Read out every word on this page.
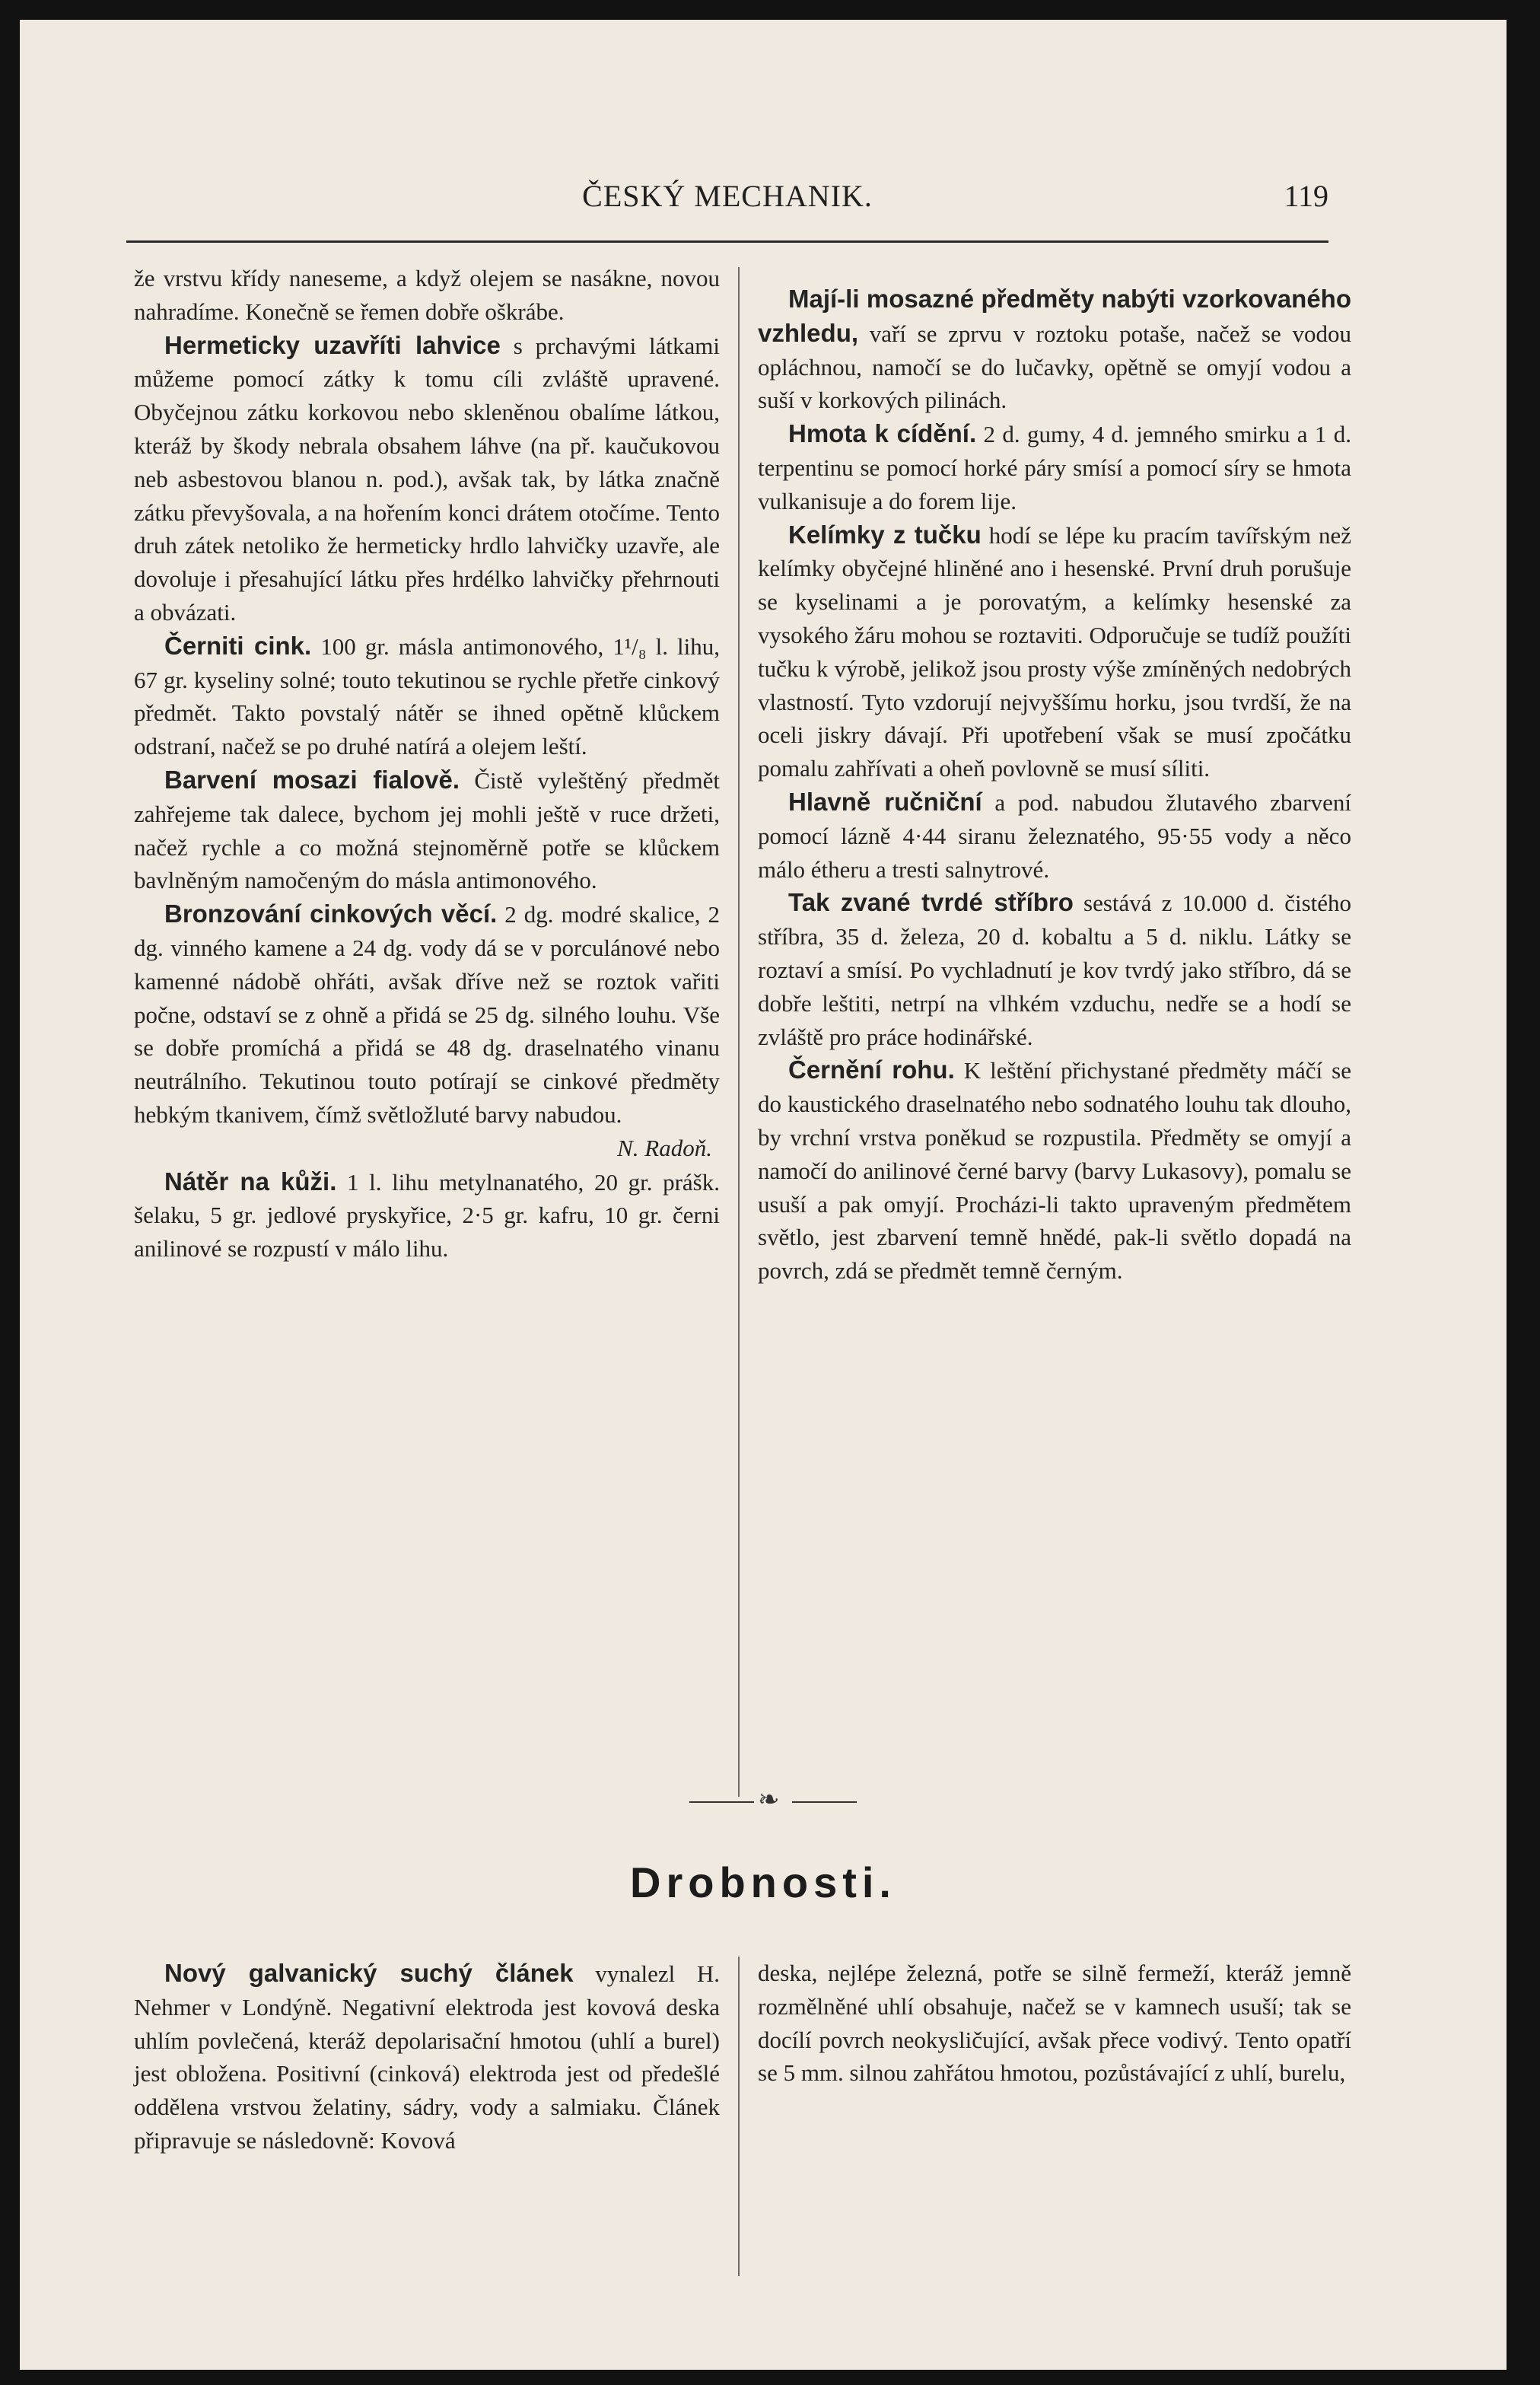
ČESKÝ MECHANIK.	119

že vrstvu křídy naneseme, a když olejem se nasákne, novou nahradíme. Konečně se řemen dobře oškrábe.

Hermeticky uzavříti lahvice s prchavými látkami můžeme pomocí zátky k tomu cíli zvláště upravené. Obyčejnou zátku korkovou nebo skleněnou obalíme látkou, kteráž by škody nebrala obsahem láhve (na př. kaučukovou neb asbestovou blanou n. pod.), avšak tak, by látka značně zátku převyšovala, a na hořením konci drátem otočíme. Tento druh zátek netoliko že hermeticky hrdlo lahvičky uzavře, ale dovoluje i přesahující látku přes hrdélko lahvičky přehrnouti a obvázati.

Černiti cink. 100 gr. másla antimonového, 1¹/₈ l. lihu, 67 gr. kyseliny solné; touto tekutinou se rychle přetře cinkový předmět. Takto povstalý nátěr se ihned opětně klůckem odstraní, načež se po druhé natírá a olejem leští.

Barvení mosazi fialově. Čistě vyleštěný předmět zahřejeme tak dalece, bychom jej mohli ještě v ruce držeti, načež rychle a co možná stejnoměrně potře se klůckem bavlněným namočeným do másla antimonového.

Bronzování cinkových věcí. 2 dg. modré skalice, 2 dg. vinného kamene a 24 dg. vody dá se v porculánové nebo kamenné nádobě ohřáti, avšak dříve než se roztok vařiti počne, odstaví se z ohně a přidá se 25 dg. silného louhu. Vše se dobře promíchá a přidá se 48 dg. draselnatého vinanu neutrálního. Tekutinou touto potírají se cinkové předměty hebkým tkanivem, čímž světložluté barvy nabudou.

N. Radoň.

Nátěr na kůži. 1 l. lihu metylnanatého, 20 gr. prášk. šelaku, 5 gr. jedlové pryskyřice, 2·5 gr. kafru, 10 gr. černi anilinové se rozpustí v málo lihu.

Mají-li mosazné předměty nabýti vzorkovaného vzhledu, vaří se zprvu v roztoku potaše, načež se vodou opláchnou, namočí se do lučavky, opětně se omyjí vodou a suší v korkových pilinách.

Hmota k cídění. 2 d. gumy, 4 d. jemného smirku a 1 d. terpentinu se pomocí horké páry smísí a pomocí síry se hmota vulkanisuje a do forem lije.

Kelímky z tučku hodí se lépe ku pracím tavířským než kelímky obyčejné hliněné ano i hesenské. První druh porušuje se kyselinami a je porovatým, a kelímky hesenské za vysokého žáru mohou se roztaviti. Odporučuje se tudíž použíti tučku k výrobě, jelikož jsou prosty výše zmíněných nedobrých vlastností. Tyto vzdorují nejvyššímu horku, jsou tvrdší, že na oceli jiskry dávají. Při upotřebení však se musí zpočátku pomalu zahřívati a oheň povlovně se musí síliti.

Hlavně ručniční a pod. nabudou žlutavého zbarvení pomocí lázně 4·44 siranu železnatého, 95·55 vody a něco málo étheru a tresti salnytrové.

Tak zvané tvrdé stříbro sestává z 10.000 d. čistého stříbra, 35 d. železa, 20 d. kobaltu a 5 d. niklu. Látky se roztaví a smísí. Po vychladnutí je kov tvrdý jako stříbro, dá se dobře leštiti, netrpí na vlhkém vzduchu, nedře se a hodí se zvláště pro práce hodinářské.

Černění rohu. K leštění přichystané předměty máčí se do kaustického draselnatého nebo sodnatého louhu tak dlouho, by vrchní vrstva poněkud se rozpustila. Předměty se omyjí a namočí do anilinové černé barvy (barvy Lukasovy), pomalu se usuší a pak omyjí. Procházi-li takto upraveným předmětem světlo, jest zbarvení temně hnědé, pak-li světlo dopadá na povrch, zdá se předmět temně černým.

❧
Drobnosti.

Nový galvanický suchý článek vynalezl H. Nehmer v Londýně. Negativní elektroda jest kovová deska uhlím povlečená, kteráž depolarisační hmotou (uhlí a burel) jest obložena. Positivní (cinková) elektroda jest od předešlé oddělena vrstvou želatiny, sádry, vody a salmiaku. Článek připravuje se následovně: Kovová

deska, nejlépe železná, potře se silně fermeží, kteráž jemně rozmělněné uhlí obsahuje, načež se v kamnech usuší; tak se docílí povrch neokysličující, avšak přece vodivý. Tento opatří se 5 mm. silnou zahřátou hmotou, pozůstávající z uhlí, burelu,
